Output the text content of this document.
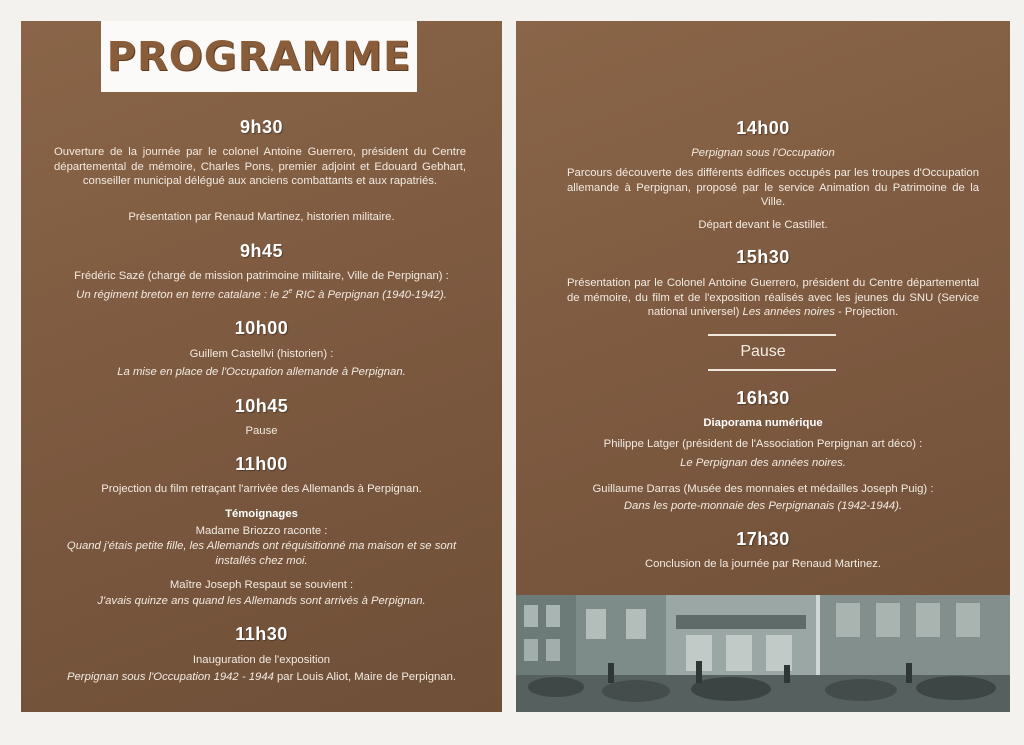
PROGRAMME
9h30
Ouverture de la journée par le colonel Antoine Guerrero, président du Centre départemental de mémoire, Charles Pons, premier adjoint et Edouard Gebhart, conseiller municipal délégué aux anciens combattants et aux rapatriés.
Présentation par Renaud Martinez, historien militaire.
9h45
Frédéric Sazé (chargé de mission patrimoine militaire, Ville de Perpignan) :
Un régiment breton en terre catalane : le 2e RIC à Perpignan (1940-1942).
10h00
Guillem Castellvi (historien) :
La mise en place de l'Occupation allemande à Perpignan.
10h45
Pause
11h00
Projection du film retraçant l'arrivée des Allemands à Perpignan.
Témoignages
Madame Briozzo raconte :
Quand j'étais petite fille, les Allemands ont réquisitionné ma maison et se sont installés chez moi.
Maître Joseph Respaut se souvient :
J'avais quinze ans quand les Allemands sont arrivés à Perpignan.
11h30
Inauguration de l'exposition
Perpignan sous l'Occupation 1942 - 1944 par Louis Aliot, Maire de Perpignan.
14h00
Perpignan sous l'Occupation
Parcours découverte des différents édifices occupés par les troupes d'Occupation allemande à Perpignan, proposé par le service Animation du Patrimoine de la Ville.
Départ devant le Castillet.
15h30
Présentation par le Colonel Antoine Guerrero, président du Centre départemental de mémoire, du film et de l'exposition réalisés avec les jeunes du SNU (Service national universel) Les années noires - Projection.
Pause
16h30
Diaporama numérique
Philippe Latger (président de l'Association Perpignan art déco) :
Le Perpignan des années noires.
Guillaume Darras (Musée des monnaies et médailles Joseph Puig) :
Dans les porte-monnaie des Perpignanais (1942-1944).
17h30
Conclusion de la journée par Renaud Martinez.
